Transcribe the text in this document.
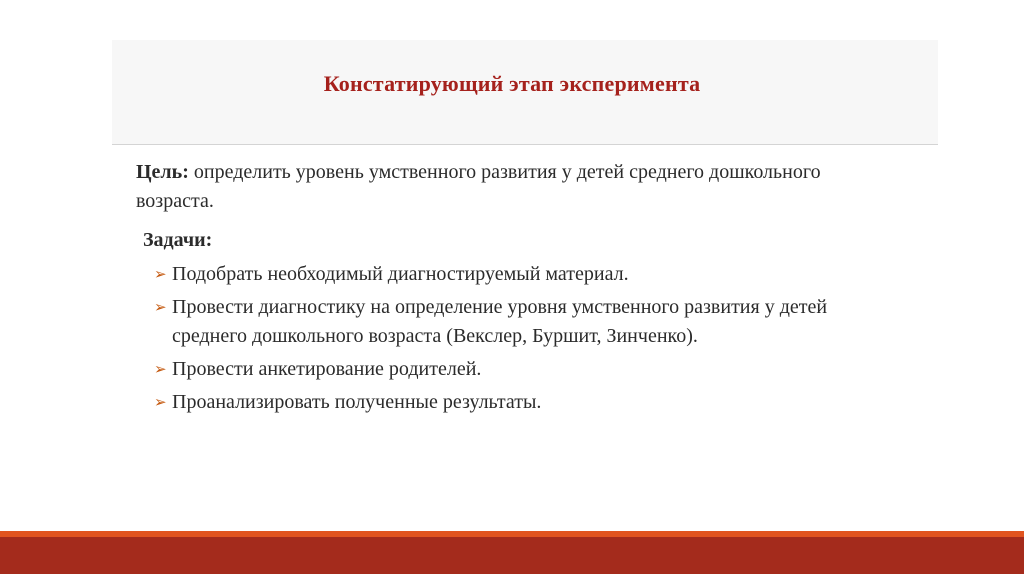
Констатирующий этап эксперимента
Цель: определить уровень умственного развития у детей среднего дошкольного возраста.
Задачи:
➢ Подобрать необходимый диагностируемый материал.
➢ Провести диагностику на определение уровня умственного развития у детей среднего дошкольного возраста (Векслер, Буршит, Зинченко).
➢ Провести анкетирование родителей.
➢ Проанализировать полученные результаты.
